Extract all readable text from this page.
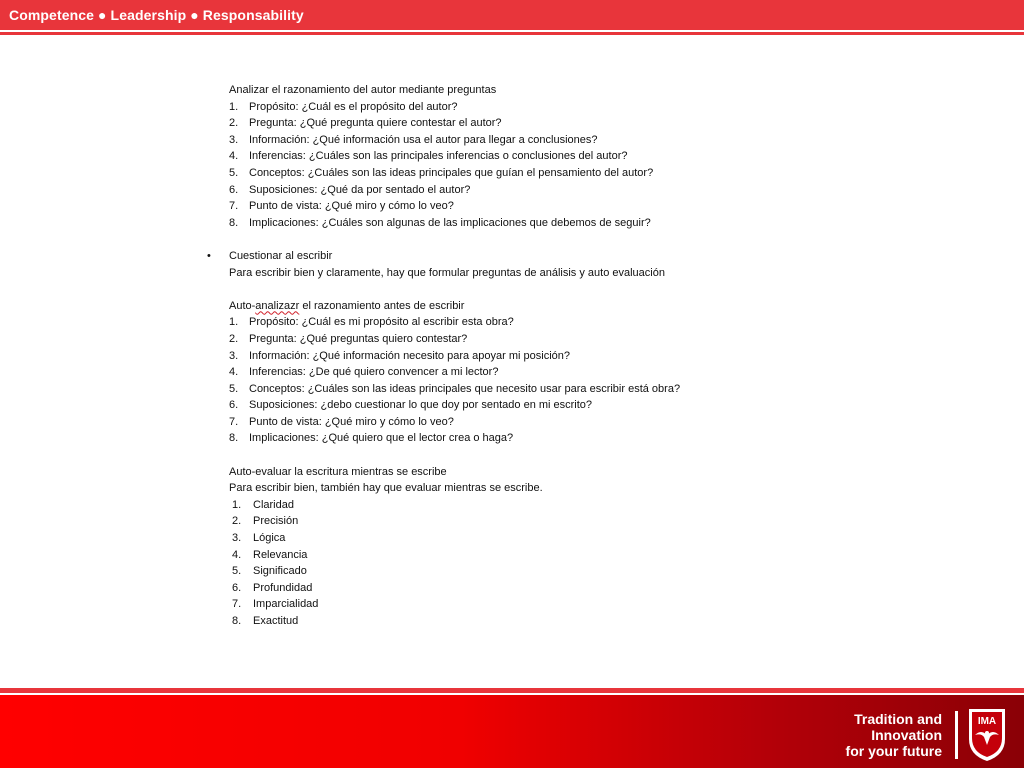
Competence ● Leadership ● Responsability
Analizar el razonamiento del autor mediante preguntas
1. Propósito: ¿Cuál es el propósito del autor?
2. Pregunta: ¿Qué pregunta quiere contestar el autor?
3. Información: ¿Qué información usa el autor para llegar a conclusiones?
4. Inferencias: ¿Cuáles son las principales inferencias o conclusiones del autor?
5. Conceptos: ¿Cuáles son las ideas principales que guían el pensamiento del autor?
6. Suposiciones: ¿Qué da por sentado el autor?
7. Punto de vista: ¿Qué miro y cómo lo veo?
8. Implicaciones: ¿Cuáles son algunas de las implicaciones que debemos de seguir?
• Cuestionar al escribir
Para escribir bien y claramente, hay que formular preguntas de análisis y auto evaluación
Auto-analizazr el razonamiento antes de escribir
1. Propósito: ¿Cuál es mi propósito al escribir esta obra?
2. Pregunta: ¿Qué preguntas quiero contestar?
3. Información: ¿Qué información necesito para apoyar mi posición?
4. Inferencias: ¿De qué quiero convencer a mi lector?
5. Conceptos: ¿Cuáles son las ideas principales que necesito usar para escribir está obra?
6. Suposiciones: ¿debo cuestionar lo que doy por sentado en mi escrito?
7. Punto de vista: ¿Qué miro y cómo lo veo?
8. Implicaciones: ¿Qué quiero que el lector crea o haga?
Auto-evaluar la escritura mientras se escribe
Para escribir bien, también hay que evaluar mientras se escribe.
1. Claridad
2. Precisión
3. Lógica
4. Relevancia
5. Significado
6. Profundidad
7. Imparcialidad
8. Exactitud
Tradition and
Innovation
for your future
IMA
